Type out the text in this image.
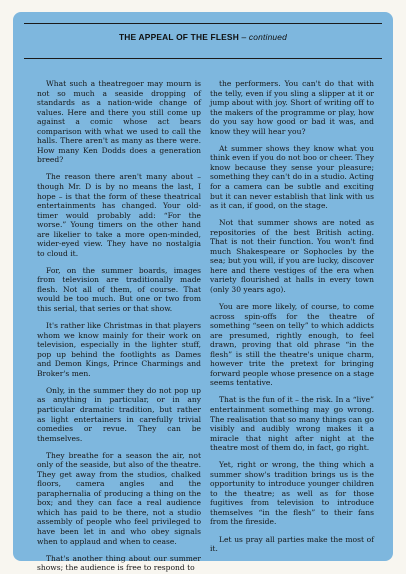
THE APPEAL OF THE FLESH – continued

What such a theatregoer may mourn is not so much a seaside dropping of standards as a nation-wide change of values. Here and there you still come up against a comic whose act bears comparison with what we used to call the halls. There aren't as many as there were. How many Ken Dodds does a generation breed?

The reason there aren't many about – though Mr. D is by no means the last, I hope – is that the form of these theatrical entertainments has changed. Your old-timer would probably add: “For the worse.” Young timers on the other hand are likelier to take a more open-minded, wider-eyed view. They have no nostalgia to cloud it.

For, on the summer boards, images from television are traditionally made flesh. Not all of them, of course. That would be too much. But one or two from this serial, that series or that show.

It's rather like Christmas in that players whom we know mainly for their work on television, especially in the lighter stuff, pop up behind the footlights as Dames and Demon Kings, Prince Charmings and Broker's men.

Only, in the summer they do not pop up as anything in particular, or in any particular dramatic tradition, but rather as light entertainers in carefully trivial comedies or revue. They can be themselves.

They breathe for a season the air, not only of the seaside, but also of the theatre. They get away from the studios, chalked floors, camera angles and the paraphernalia of producing a thing on the box; and they can face a real audience which has paid to be there, not a studio assembly of people who feel privileged to have been let in and who obey signals when to applaud and when to cease.

That's another thing about our summer shows; the audience is free to respond to

the performers. You can't do that with the telly, even if you sling a slipper at it or jump about with joy. Short of writing off to the makers of the programme or play, how do you say how good or bad it was, and know they will hear you?

At summer shows they know what you think even if you do not boo or cheer. They know because they sense your pleasure; something they can't do in a studio. Acting for a camera can be subtle and exciting but it can never establish that link with us as it can, if good, on the stage.

Not that summer shows are noted as repositories of the best British acting. That is not their function. You won't find much Shakespeare or Sophocles by the sea; but you will, if you are lucky, discover here and there vestiges of the era when variety flourished at halls in every town (only 30 years ago).

You are more likely, of course, to come across spin-offs for the theatre of something “seen on telly” to which addicts are presumed, rightly enough, to feel drawn, proving that old phrase “in the flesh” is still the theatre's unique charm, however trite the pretext for bringing forward people whose presence on a stage seems tentative.

That is the fun of it – the risk. In a “live” entertainment something may go wrong. The realisation that so many things can go visibly and audibly wrong makes it a miracle that night after night at the theatre most of them do, in fact, go right.

Yet, right or wrong, the thing which a summer show's tradition brings us is the opportunity to introduce younger children to the theatre; as well as for those fugitives from television to introduce themselves “in the flesh” to their fans from the fireside.

Let us pray all parties make the most of it.
